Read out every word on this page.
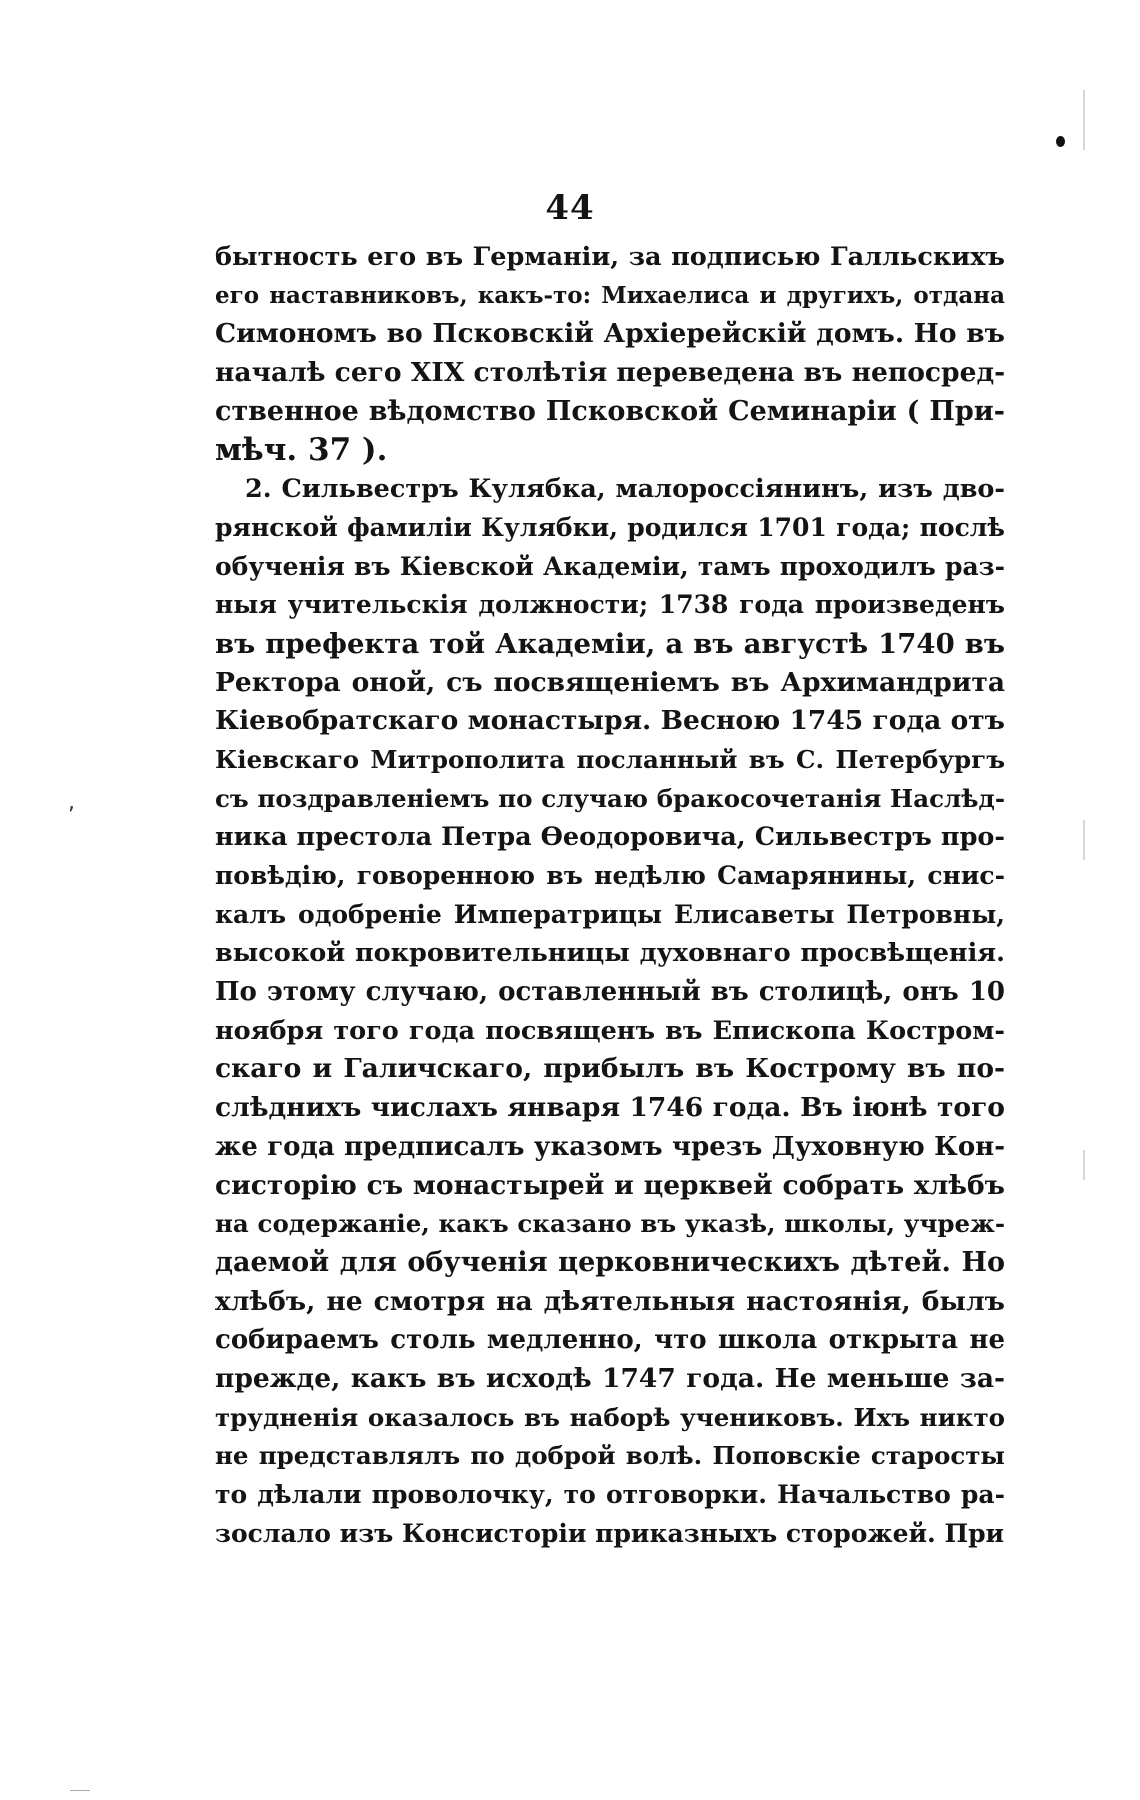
,
44
бытность его въ Германіи, за подписью Галльскихъ
его наставниковъ, какъ-то: Михаелиса и другихъ, отдана
Симономъ во Псковскій Архіерейскій домъ. Но въ
началѣ сего XIX столѣтія переведена въ непосред-
ственное вѣдомство Псковской Семинаріи ( При-
мѣч. 37 ).
2. Сильвестръ Кулябка, малороссіянинъ, изъ дво-
рянской фамиліи Кулябки, родился 1701 года; послѣ
обученія въ Кіевской Академіи, тамъ проходилъ раз-
ныя учительскія должности; 1738 года произведенъ
въ префекта той Академіи, а въ августѣ 1740 въ
Ректора оной, съ посвященіемъ въ Архимандрита
Кіевобратскаго монастыря. Весною 1745 года отъ
Кіевскаго Митрополита посланный въ С. Петербургъ
съ поздравленіемъ по случаю бракосочетанія Наслѣд-
ника престола Петра Ѳеодоровича, Сильвестръ про-
повѣдію, говоренною въ недѣлю Самарянины, снис-
калъ одобреніе Императрицы Елисаветы Петровны,
высокой покровительницы духовнаго просвѣщенія.
По этому случаю, оставленный въ столицѣ, онъ 10
ноября того года посвященъ въ Епископа Костром-
скаго и Галичскаго, прибылъ въ Кострому въ по-
слѣднихъ числахъ января 1746 года. Въ іюнѣ того
же года предписалъ указомъ чрезъ Духовную Кон-
систорію съ монастырей и церквей собрать хлѣбъ
на содержаніе, какъ сказано въ указѣ, школы, учреж-
даемой для обученія церковническихъ дѣтей. Но
хлѣбъ, не смотря на дѣятельныя настоянія, былъ
собираемъ столь медленно, что школа открыта не
прежде, какъ въ исходѣ 1747 года. Не меньше за-
трудненія оказалось въ наборѣ учениковъ. Ихъ никто
не представлялъ по доброй волѣ. Поповскіе старосты
то дѣлали проволочку, то отговорки. Начальство ра-
зослало изъ Консисторіи приказныхъ сторожей. При
